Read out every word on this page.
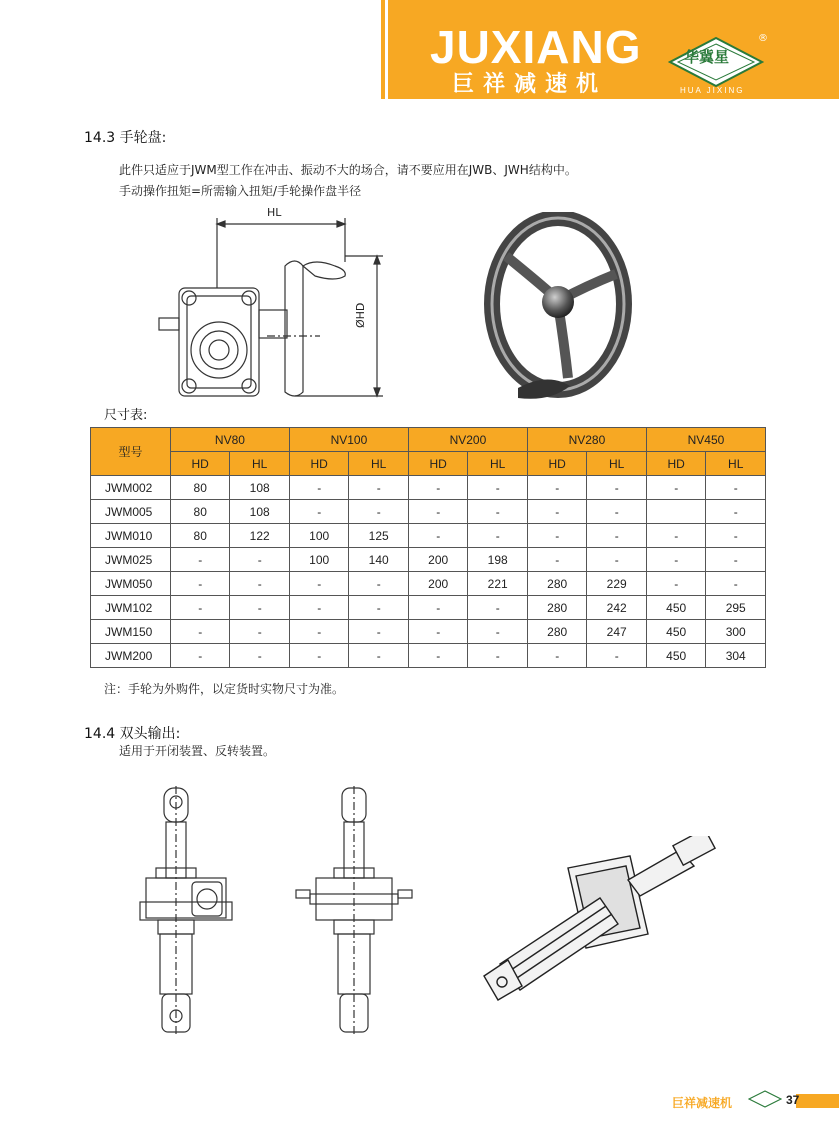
JUXIANG
巨祥减速机
华冀星
®
HUA JIXING
14.3 手轮盘:
此件只适应于JWM型工作在冲击、振动不大的场合，请不要应用在JWB、JWH结构中。
手动操作扭矩=所需输入扭矩/手轮操作盘半径
HL
ØHD
尺寸表:
型号	NV80		NV100		NV200		NV280		NV450	
	HD	HL	HD	HL	HD	HL	HD	HL	HD	HL
JWM002	80	108	-	-	-	-	-	-	-	-
JWM005	80	108	-	-	-	-	-	-		-
JWM010	80	122	100	125	-	-	-	-	-	-
JWM025	-	-	100	140	200	198	-	-	-	-
JWM050	-	-	-	-	200	221	280	229	-	-
JWM102	-	-	-	-	-	-	280	242	450	295
JWM150	-	-	-	-	-	-	280	247	450	300
JWM200	-	-	-	-	-	-	-	-	450	304
注：手轮为外购件，以定货时实物尺寸为准。
14.4 双头输出:
适用于开闭装置、反转装置。
巨祥减速机	37
